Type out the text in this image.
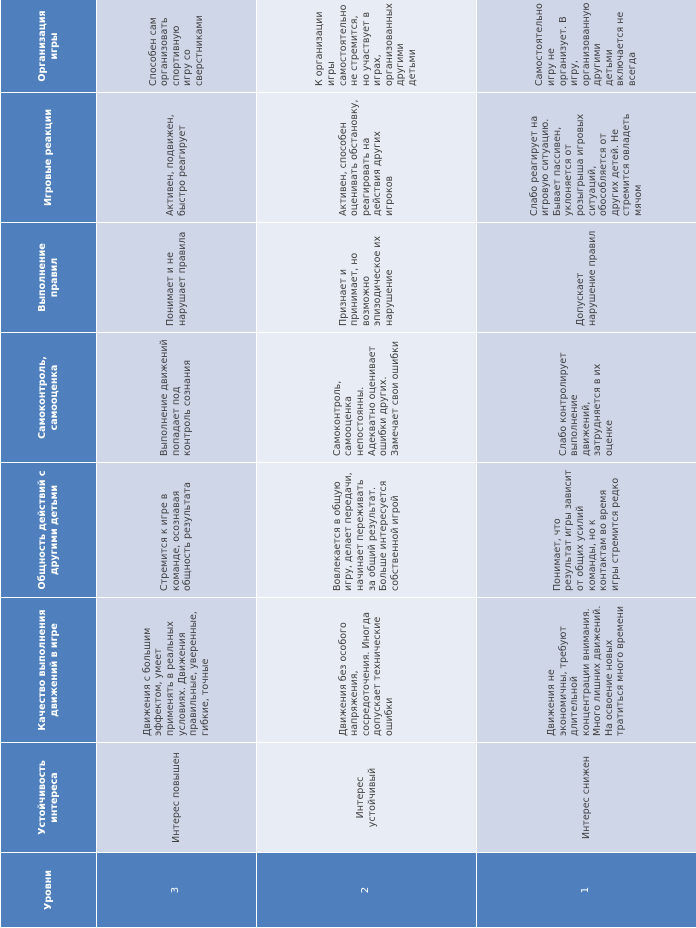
Уровни	Устойчивость интереса	Качество выполнения движений в игре	Общность действий с другими детьми	Самоконтроль, самооценка	Выполнение правил	Игровые реакции	Организация игры
3	Интерес повышен	Движения с большим эффектом, умеет применять в реальных условиях. Движения правильные, уверенные, гибкие, точные	Стремится к игре в команде, осознавая общность результата	Выполнение движений попадает под контроль сознания	Понимает и не нарушает правила	Активен, подвижен, быстро реагирует	Способен сам организовать спортивную игру со сверстниками
2	Интерес устойчивый	Движения без особого напряжения, сосредоточения. Иногда допускает технические ошибки	Вовлекается в общую игру, делает передачи, начинает переживать за общий результат. Больше интересуется собственной игрой	Самоконтроль, самооценка непостоянны. Адекватно оценивает ошибки других. Замечает свои ошибки	Признает и принимает, но возможно эпизодическое их нарушение	Активен, способен оценивать обстановку, реагировать на действия других игроков	К организации игры самостоятельно не стремится, но участвует в играх, организованных другими детьми
1	Интерес снижен	Движения не экономичны, требуют длительной концентрации внимания. Много лишних движений. На освоение новых тратиться много времени	Понимает, что результат игры зависит от общих усилий команды, но к контактам во время игры стремится редко	Слабо контролирует выполнение движений, затрудняется в их оценке	Допускает нарушение правил	Слабо реагирует на игровую ситуацию. Бывает пассивен, уклоняется от розыгрыша игровых ситуаций, обособляется от других детей. Не стремится овладеть мячом	Самостоятельно игру не организует. В игру, организованную другими детьми включается не всегда
